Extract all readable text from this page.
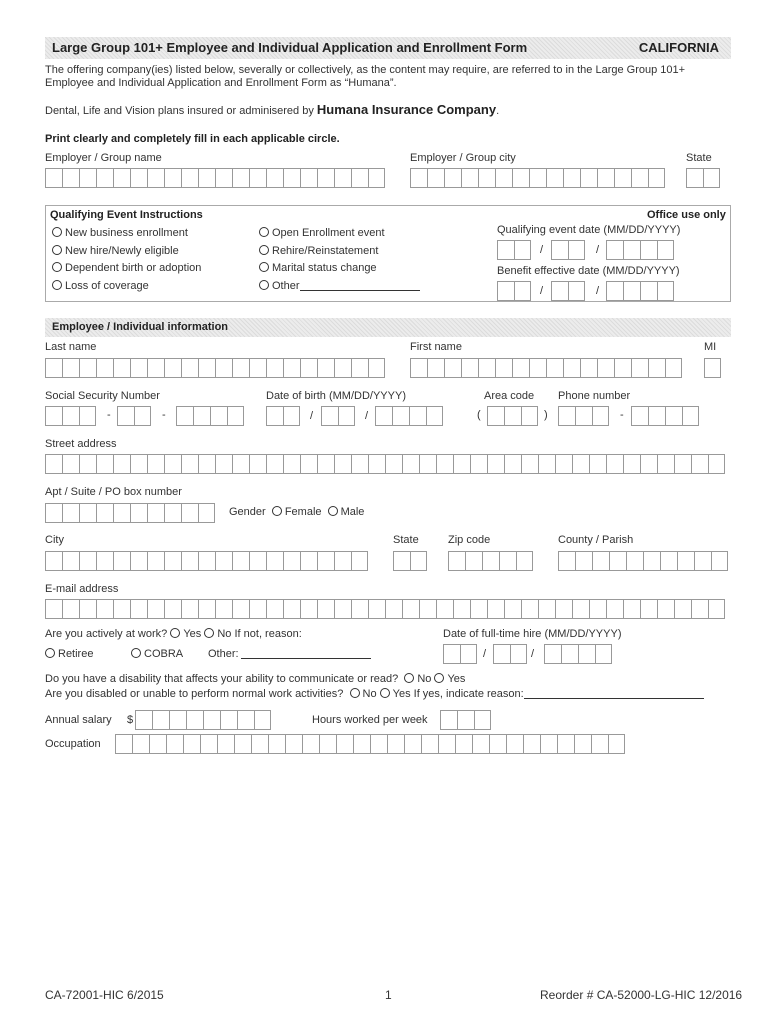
Large Group 101+ Employee and Individual Application and Enrollment Form	CALIFORNIA
The offering company(ies) listed below, severally or collectively, as the content may require, are referred to in the Large Group 101+
Employee and Individual Application and Enrollment Form as “Humana”.
Dental, Life and Vision plans insured or adminisered by Humana Insurance Company.
Print clearly and completely fill in each applicable circle.
Employer / Group name	Employer / Group city	State
Qualifying Event Instructions	Office use only
New business enrollment
New hire/Newly eligible
Dependent birth or adoption
Loss of coverage
Open Enrollment event
Rehire/Reinstatement
Marital status change
Other
Qualifying event date (MM/DD/YYYY)
/	/
Benefit effective date (MM/DD/YYYY)
/	/
Employee / Individual information
Last name	First name	MI
Social Security Number	Date of birth (MM/DD/YYYY)	Area code Phone number
-	-	/	/	(	)	-
Street address
Apt / Suite / PO box number
Gender Female Male
City	State	Zip code	County / Parish
E-mail address
Are you actively at work? Yes No If not, reason:	Date of full-time hire (MM/DD/YYYY)
Retiree	COBRA Other:	/	/
Do you have a disability that affects your ability to communicate or read? No Yes
Are you disabled or unable to perform normal work activities? No Yes If yes, indicate reason:
Annual salary $	Hours worked per week
Occupation
CA-72001-HIC 6/2015	1	Reorder # CA-52000-LG-HIC 12/2016
